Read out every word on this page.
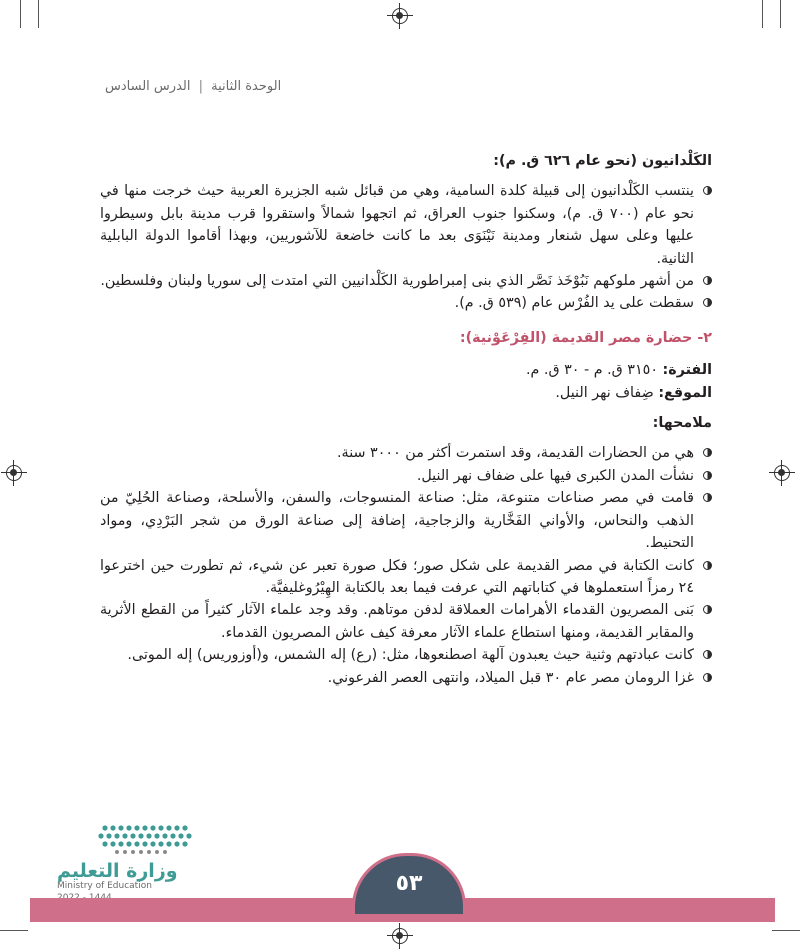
الوحدة الثانية | الدرس السادس

الكَلْدانيون (نحو عام ٦٢٦ ق. م):

ينتسب الكَلْدانيون إلى قبيلة كلدة السامية، وهي من قبائل شبه الجزيرة العربية حيث خرجت منها في نحو عام (٧٠٠ ق. م)، وسكنوا جنوب العراق، ثم اتجهوا شمالاً واستقروا قرب مدينة بابل وسيطروا عليها وعلى سهل شنعار ومدينة نَيْنَوَى بعد ما كانت خاضعة للآشوريين، وبهذا أقاموا الدولة البابلية الثانية.

من أشهر ملوكهم نَبُوْخَذ نَصَّر الذي بنى إمبراطورية الكَلْدانيين التي امتدت إلى سوريا ولبنان وفلسطين.

سقطت على يد الفُرْس عام (٥٣٩ ق. م).

٢- حضارة مصر القديمة (الفِرْعَوْنية):

الفترة: ٣١٥٠ ق. م - ٣٠ ق. م.

الموقع: ضِفاف نهر النيل.

ملامحها:

هي من الحضارات القديمة، وقد استمرت أكثر من ٣٠٠٠ سنة.

نشأت المدن الكبرى فيها على ضفاف نهر النيل.

قامت في مصر صناعات متنوعة، مثل: صناعة المنسوجات، والسفن، والأسلحة، وصناعة الحُلِيّ من الذهب والنحاس، والأواني الفَخَّارية والزجاجية، إضافة إلى صناعة الورق من شجر البَرْدِي، ومواد التحنيط.

كانت الكتابة في مصر القديمة على شكل صور؛ فكل صورة تعبر عن شيء، ثم تطورت حين اخترعوا ٢٤ رمزاً استعملوها في كتاباتهم التي عرفت فيما بعد بالكتابة الهِيْرُوغليفيَّة.

بَنى المصريون القدماء الأهرامات العملاقة لدفن موتاهم. وقد وجد علماء الآثار كثيراً من القطع الأثرية والمقابر القديمة، ومنها استطاع علماء الآثار معرفة كيف عاش المصريون القدماء.

كانت عبادتهم وثنية حيث يعبدون آلهة اصطنعوها، مثل: (رع) إله الشمس، و(أوزوريس) إله الموتى.

غزا الرومان مصر عام ٣٠ قبل الميلاد، وانتهى العصر الفرعوني.

وزارة التعليم
Ministry of Education	٥٣
